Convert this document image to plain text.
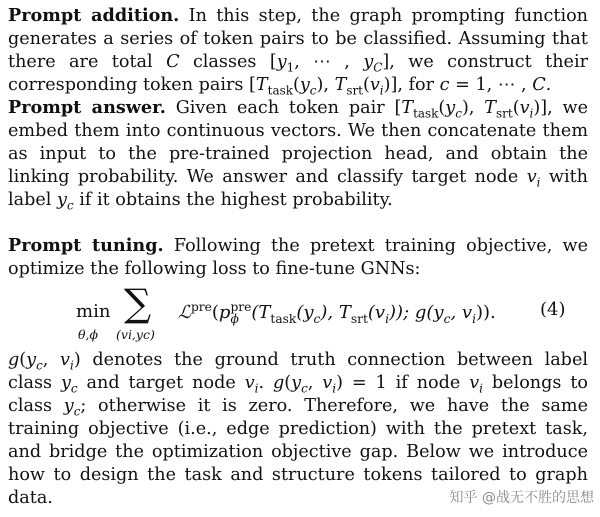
Prompt addition. In this step, the graph prompting function generates a series of token pairs to be classified. Assuming that there are total C classes [$y_1$, ⋯ , $y_C$], we construct their corresponding token pairs [$T_{task}(y_c)$, $T_{srt}(v_i)$], for c = 1, ⋯ , C.

Prompt answer. Given each token pair [$T_{task}(y_c)$, $T_{srt}(v_i)$], we embed them into continuous vectors. We then concatenate them as input to the pre-trained projection head, and obtain the linking probability. We answer and classify target node $v_i$ with label $y_c$ if it obtains the highest probability.

Prompt tuning. Following the pretext training objective, we optimize the following loss to fine-tune GNNs:

min
θ,ϕ
∑
(vi,yc)
ℒ$^{pre}$(p pre
ϕ ($T_{task}(y_c)$, $T_{srt}(v_i)$); $g(y_c$, $v_i$)). (4)

$g(y_c$, $v_i$) denotes the ground truth connection between label class $y_c$ and target node $v_i$. $g(y_c$, $v_i) = 1$ if node $v_i$ belongs to class $y_c$; otherwise it is zero. Therefore, we have the same training objective (i.e., edge prediction) with the pretext task, and bridge the optimization objective gap. Below we introduce how to design the task and structure tokens tailored to graph data.	知乎 @战无不胜的思想
